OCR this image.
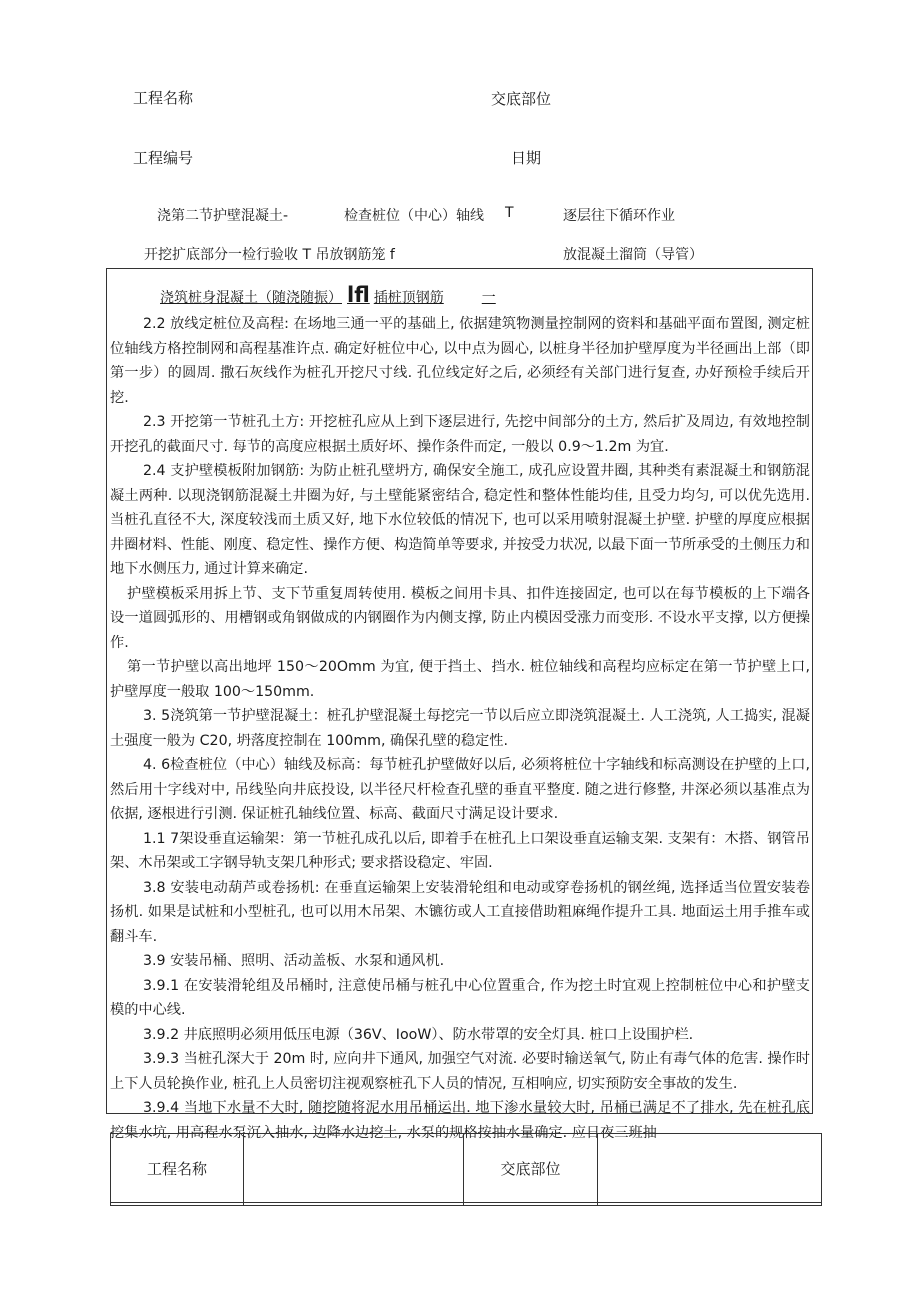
工程名称	交底部位
工程编号	日期
浇第二节护壁混凝土-	检查桩位（中心）轴线 T	逐层往下循环作业
开挖扩底部分一检行验收 T 吊放钢筋笼 f	放混凝土溜筒（导管）
浇筑桩身混凝土（随浇随振） lfl 插桩顶钢筋	一

2.2 放线定桩位及高程: 在场地三通一平的基础上, 依据建筑物测量控制网的资料和基础平面布置图, 测定桩位轴线方格控制网和高程基准许点. 确定好桩位中心, 以中点为圆心, 以桩身半径加护壁厚度为半径画出上部（即第一步）的圆周. 撒石灰线作为桩孔开挖尺寸线. 孔位线定好之后, 必须经有关部门进行复查, 办好预检手续后开挖.

2.3 开挖第一节桩孔土方: 开挖桩孔应从上到下逐层进行, 先挖中间部分的土方, 然后扩及周边, 有效地控制开挖孔的截面尺寸. 每节的高度应根据土质好坏、操作条件而定, 一般以 0.9～1.2m 为宜.

2.4 支护壁模板附加钢筋: 为防止桩孔壁坍方, 确保安全施工, 成孔应设置井圈, 其种类有素混凝土和钢筋混凝土两种. 以现浇钢筋混凝土井圈为好, 与土壁能紧密结合, 稳定性和整体性能均佳, 且受力均匀, 可以优先选用. 当桩孔直径不大, 深度较浅而土质又好, 地下水位较低的情况下, 也可以采用喷射混凝土护壁. 护壁的厚度应根据井圈材料、性能、刚度、稳定性、操作方便、构造简单等要求, 并按受力状况, 以最下面一节所承受的土侧压力和地下水侧压力, 通过计算来确定.

护壁模板采用拆上节、支下节重复周转使用. 模板之间用卡具、扣件连接固定, 也可以在每节模板的上下端各设一道圆弧形的、用槽钢或角钢做成的内钢圈作为内侧支撑, 防止内模因受涨力而变形. 不设水平支撑, 以方便操作.

第一节护壁以高出地坪 150～20Omm 为宜, 便于挡土、挡水. 桩位轴线和高程均应标定在第一节护壁上口, 护壁厚度一般取 100～150mm.

3. 5浇筑第一节护壁混凝土：桩孔护壁混凝土每挖完一节以后应立即浇筑混凝土. 人工浇筑, 人工捣实, 混凝土强度一般为 C20, 坍落度控制在 100mm, 确保孔壁的稳定性.

4. 6检查桩位（中心）轴线及标高：每节桩孔护壁做好以后, 必须将桩位十字轴线和标高测设在护壁的上口, 然后用十字线对中, 吊线坠向井底投设, 以半径尺杆检查孔壁的垂直平整度. 随之进行修整, 井深必须以基准点为依据, 逐根进行引测. 保证桩孔轴线位置、标高、截面尺寸满足设计要求.

1.1 7架设垂直运输架：第一节桩孔成孔以后, 即着手在桩孔上口架设垂直运输支架. 支架有：木搭、钢管吊架、木吊架或工字钢导轨支架几种形式; 要求搭设稳定、牢固.

3.8 安装电动葫芦或卷扬机: 在垂直运输架上安装滑轮组和电动或穿卷扬机的钢丝绳, 选择适当位置安装卷扬机. 如果是试桩和小型桩孔, 也可以用木吊架、木镳彷或人工直接借助粗麻绳作提升工具. 地面运土用手推车或翻斗车.

3.9 安装吊桶、照明、活动盖板、水泵和通风机.

3.9.1 在安装滑轮组及吊桶时, 注意使吊桶与桩孔中心位置重合, 作为挖土时宜观上控制桩位中心和护壁支模的中心线.

3.9.2 井底照明必须用低压电源（36V、IooW）、防水带罩的安全灯具. 桩口上设围护栏.

3.9.3 当桩孔深大于 20m 时, 应向井下通风, 加强空气对流. 必要时输送氧气, 防止有毒气体的危害. 操作时上下人员轮换作业, 桩孔上人员密切注视观察桩孔下人员的情况, 互相响应, 切实预防安全事故的发生.

3.9.4 当地下水量不大时, 随挖随将泥水用吊桶运出. 地下渗水量较大时, 吊桶已满足不了排水, 先在桩孔底挖集水坑, 用高程水泵沉入抽水, 边降水边挖土, 水泵的规格按抽水量确定. 应日夜三班抽

工程名称		交底部位	
